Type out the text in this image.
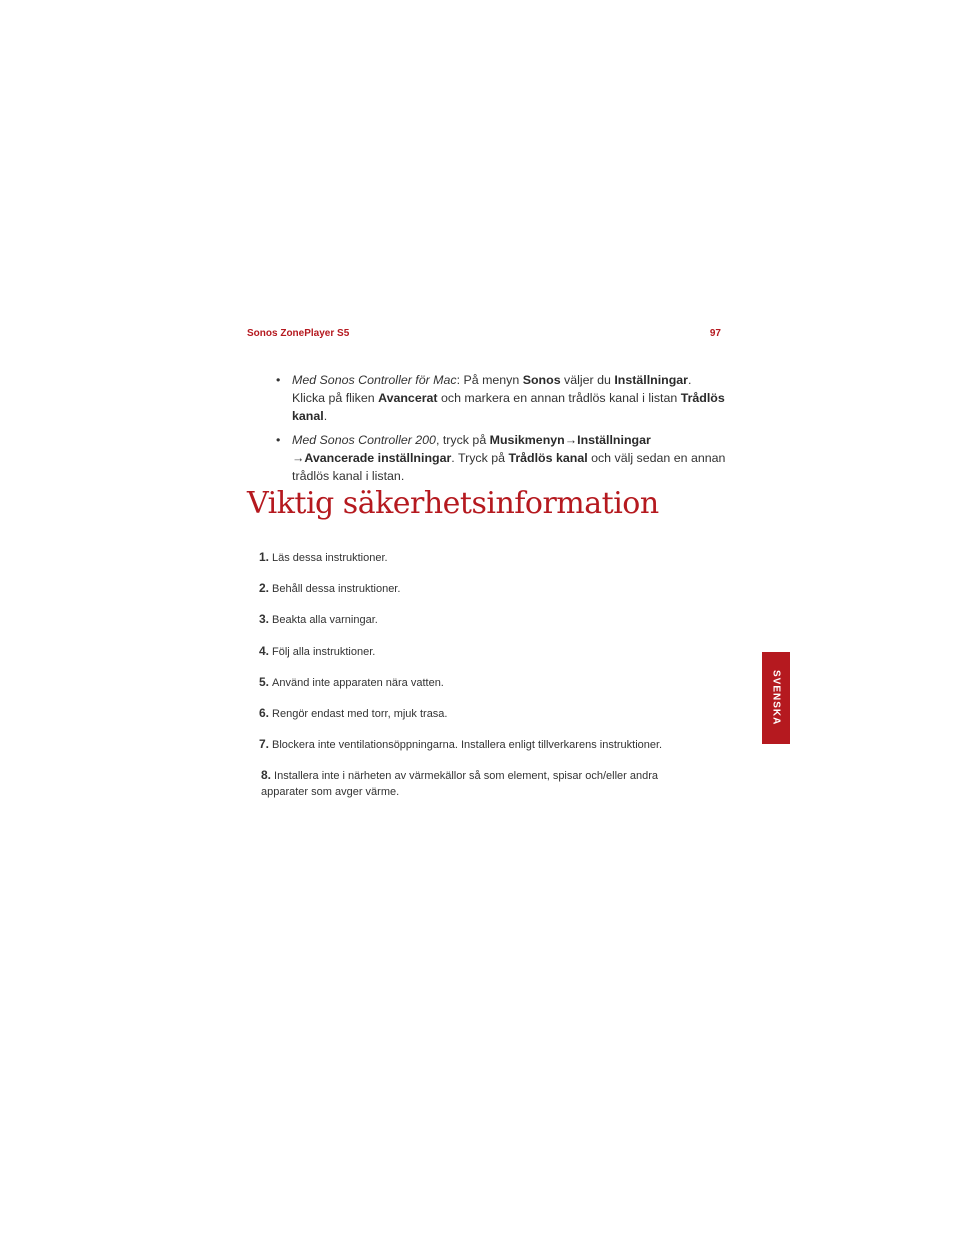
Sonos ZonePlayer S5	97
• Med Sonos Controller för Mac: På menyn Sonos väljer du Inställningar. Klicka på fliken Avancerat och markera en annan trådlös kanal i listan Trådlös kanal.
• Med Sonos Controller 200, tryck på Musikmenyn→Inställningar →Avancerade inställningar. Tryck på Trådlös kanal och välj sedan en annan trådlös kanal i listan.
Viktig säkerhetsinformation
1. Läs dessa instruktioner.
2. Behåll dessa instruktioner.
3. Beakta alla varningar.
4. Följ alla instruktioner.
5. Använd inte apparaten nära vatten.
6. Rengör endast med torr, mjuk trasa.
7. Blockera inte ventilationsöppningarna. Installera enligt tillverkarens instruktioner.
8. Installera inte i närheten av värmekällor så som element, spisar och/eller andra apparater som avger värme.
SVENSKA
